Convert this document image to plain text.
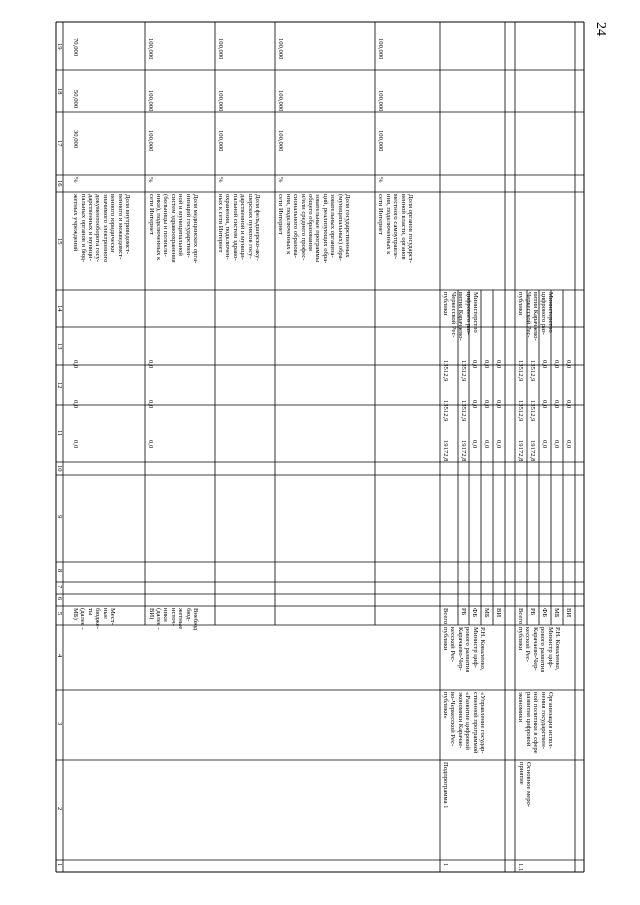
24
1
2
3
4
5
6
7
8
9
10
11
12
13
14
15
16
17
18
19
Доля внутриведомст-
венного и межведомст-
венного юридически
значимого электронного
документооборота госу-
дарственных и муници-
пальных органов и бюд-
жетных учреждений
%
30,000
50,000
70,000
Доля медицинских орга-
низаций государствен-
ной и муниципальной
систем здравоохранения
(больницы и поликли-
ники), подключенных к
сети Интернет
%
100,000
100,000
100,000
Доля фельдшерско-аку-
шерских пунктов госу-
дарственной и муници-
пальной систем здраво-
охранения, подключен-
ных к сети Интернет
%
100,000
100,000
100,000
Доля государственных
(муниципальных) обра-
зовательных организа-
ций, реализующих обра-
зовательные программы
общего образования
и/или среднего профес-
сионального образова-
ния, подключенных к
сети Интернет
%
100,000
100,000
100,000
Доля органов государст-
венной власти, органов
местного самоуправле-
ния, подключенных к
сети Интернет
%
100,000
100,000
100,000
Мест-
ные
бюдже-
ты
(далее -
МБ)
0,0
0,0
0,0
Внебюд
бюд-
жетные
источ-
ники
(далее -
ВИ)
0,0
0,0
0,0
1
Подпрограмма 1
«Управление государ-
ственной программой
«Развитие цифровой
экономики Карачае-
во-Черкесской Рес-
публики»
Р.Н. Коваленко,
Министр циф-
рового развития
Карачаево-Чер-
кесской Рес-
публики
Министерство
цифрового раз-
вития Карачаево-
Черкесской Рес-
публики
Всего
19172,8
13512,9
13512,9
РБ
19172,8
13512,9
13512,9
ФБ
0,0
0,0
0,0
МБ
0,0
0,0
0,0
ВИ
0,0
0,0
0,0
1.1
Основное меро-
приятие
Организация испол-
нения государствен-
ной политики в сфере
развития цифровой
экономики
Р.Н. Коваленко,
Министр циф-
рового развития
Карачаево-Чер-
кесской Рес-
публики
Министерство
цифрового раз-
вития Карачаево-
Черкесской Рес-
публики
Всего
19172,8
13512,9
13512,9
РБ
19172,8
13512,9
13512,9
ФБ
0,0
0,0
0,0
МБ
0,0
0,0
0,0
ВИ
0,0
0,0
0,0
